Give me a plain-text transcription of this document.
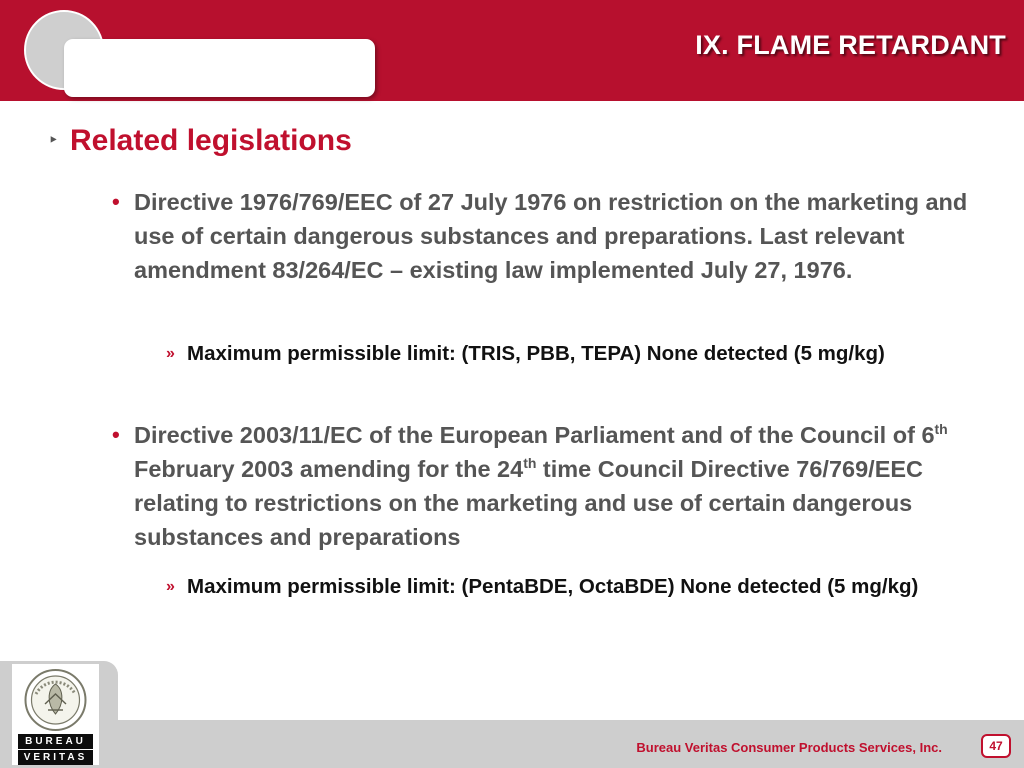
IX. FLAME RETARDANT
‣ Related legislations
• Directive 1976/769/EEC of 27 July 1976 on restriction on the marketing and use of certain dangerous substances and preparations. Last relevant amendment 83/264/EC – existing law implemented July 27, 1976.
» Maximum permissible limit: (TRIS, PBB, TEPA) None detected (5 mg/kg)
• Directive 2003/11/EC of the European Parliament and of the Council of 6th February 2003 amending for the 24th time Council Directive 76/769/EEC relating to restrictions on the marketing and use of certain dangerous substances and preparations
» Maximum permissible limit: (PentaBDE, OctaBDE) None detected (5 mg/kg)
BUREAU
VERITAS
Bureau Veritas Consumer Products Services, Inc.	47
